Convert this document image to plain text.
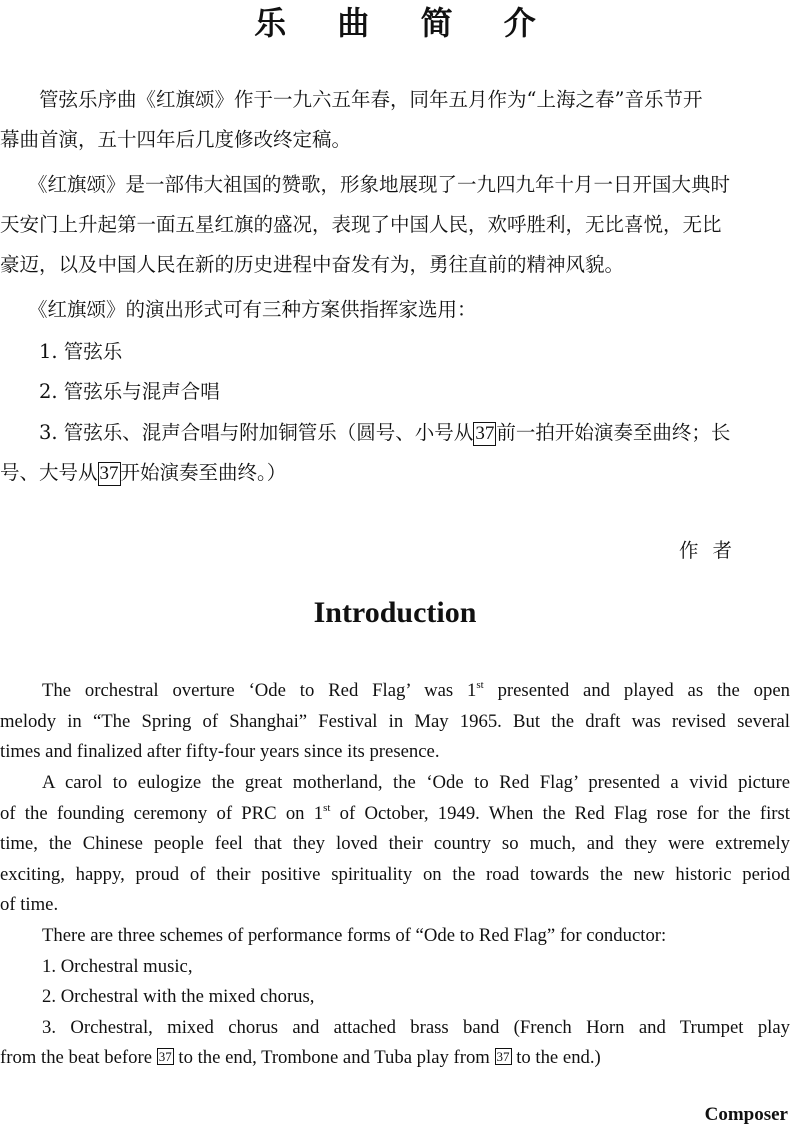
乐 曲 简 介

管弦乐序曲《红旗颂》作于一九六五年春，同年五月作为“上海之春”音乐节开
幕曲首演，五十四年后几度修改终定稿。

《红旗颂》是一部伟大祖国的赞歌，形象地展现了一九四九年十月一日开国大典时
天安门上升起第一面五星红旗的盛况，表现了中国人民，欢呼胜利，无比喜悦，无比
豪迈，以及中国人民在新的历史进程中奋发有为，勇往直前的精神风貌。

《红旗颂》的演出形式可有三种方案供指挥家选用：

1. 管弦乐

2. 管弦乐与混声合唱

3. 管弦乐、混声合唱与附加铜管乐（圆号、小号从 37 前一拍开始演奏至曲终；长
号、大号从 37 开始演奏至曲终。）

作者

Introduction

The orchestral overture ‘Ode to Red Flag’ was 1st presented and played as the open
melody in “The Spring of Shanghai” Festival in May 1965. But the draft was revised several
times and finalized after fifty-four years since its presence.

A carol to eulogize the great motherland, the ‘Ode to Red Flag’ presented a vivid picture
of the founding ceremony of PRC on 1st of October, 1949. When the Red Flag rose for the first
time, the Chinese people feel that they loved their country so much, and they were extremely
exciting, happy, proud of their positive spirituality on the road towards the new historic period
of time.

There are three schemes of performance forms of “Ode to Red Flag” for conductor:
1. Orchestral music,
2. Orchestral with the mixed chorus,
3. Orchestral, mixed chorus and attached brass band (French Horn and Trumpet play
from the beat before 37 to the end, Trombone and Tuba play from 37 to the end.)

Composer
